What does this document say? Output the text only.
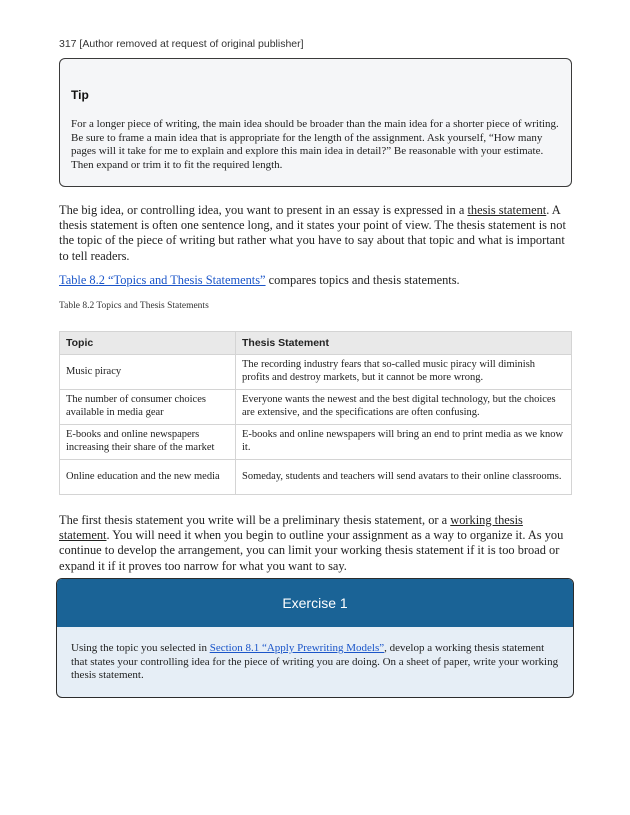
317 [Author removed at request of original publisher]
Tip
For a longer piece of writing, the main idea should be broader than the main idea for a shorter piece of writing. Be sure to frame a main idea that is appropriate for the length of the assignment. Ask yourself, “How many pages will it take for me to explain and explore this main idea in detail?” Be reasonable with your estimate. Then expand or trim it to fit the required length.

The big idea, or controlling idea, you want to present in an essay is expressed in a thesis statement. A thesis statement is often one sentence long, and it states your point of view. The thesis statement is not the topic of the piece of writing but rather what you have to say about that topic and what is important to tell readers.

Table 8.2 “Topics and Thesis Statements” compares topics and thesis statements.

Table 8.2 Topics and Thesis Statements
Topic	Thesis Statement
Music piracy	The recording industry fears that so-called music piracy will diminish profits and destroy markets, but it cannot be more wrong.
The number of consumer choices available in media gear	Everyone wants the newest and the best digital technology, but the choices are extensive, and the specifications are often confusing.
E-books and online newspapers increasing their share of the market	E-books and online newspapers will bring an end to print media as we know it.
Online education and the new media	Someday, students and teachers will send avatars to their online classrooms.

The first thesis statement you write will be a preliminary thesis statement, or a working thesis statement. You will need it when you begin to outline your assignment as a way to organize it. As you continue to develop the arrangement, you can limit your working thesis statement if it is too broad or expand it if it proves too narrow for what you want to say.

Exercise 1
Using the topic you selected in Section 8.1 “Apply Prewriting Models”, develop a working thesis statement that states your controlling idea for the piece of writing you are doing. On a sheet of paper, write your working thesis statement.
